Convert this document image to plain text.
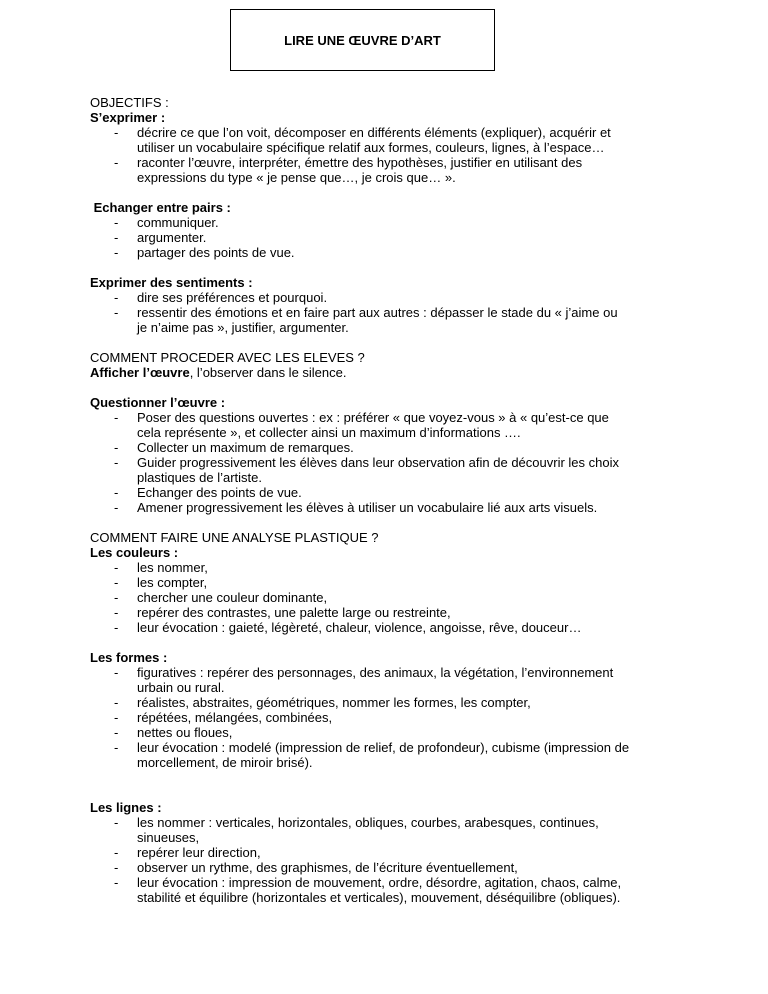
LIRE UNE ŒUVRE D’ART
OBJECTIFS :
S’exprimer :
- décrire ce que l’on voit, décomposer en différents éléments (expliquer), acquérir et
utiliser un vocabulaire spécifique relatif aux formes, couleurs, lignes, à l’espace…
- raconter l’œuvre, interpréter, émettre des hypothèses, justifier en utilisant des
expressions du type « je pense que…, je crois que… ».
Echanger entre pairs :
- communiquer.
- argumenter.
- partager des points de vue.
Exprimer des sentiments :
- dire ses préférences et pourquoi.
- ressentir des émotions et en faire part aux autres : dépasser le stade du « j’aime ou
je n’aime pas », justifier, argumenter.
COMMENT PROCEDER AVEC LES ELEVES ?
Afficher l’œuvre, l’observer dans le silence.
Questionner l’œuvre :
- Poser des questions ouvertes : ex : préférer « que voyez-vous » à « qu’est-ce que
cela représente », et collecter ainsi un maximum d’informations ….
- Collecter un maximum de remarques.
- Guider progressivement les élèves dans leur observation afin de découvrir les choix
plastiques de l’artiste.
- Echanger des points de vue.
- Amener progressivement les élèves à utiliser un vocabulaire lié aux arts visuels.
COMMENT FAIRE UNE ANALYSE PLASTIQUE ?
Les couleurs :
- les nommer,
- les compter,
- chercher une couleur dominante,
- repérer des contrastes, une palette large ou restreinte,
- leur évocation : gaieté, légèreté, chaleur, violence, angoisse, rêve, douceur…
Les formes :
- figuratives : repérer des personnages, des animaux, la végétation, l’environnement
urbain ou rural.
- réalistes, abstraites, géométriques, nommer les formes, les compter,
- répétées, mélangées, combinées,
- nettes ou floues,
- leur évocation : modelé (impression de relief, de profondeur), cubisme (impression de
morcellement, de miroir brisé).
Les lignes :
- les nommer : verticales, horizontales, obliques, courbes, arabesques, continues,
sinueuses,
- repérer leur direction,
- observer un rythme, des graphismes, de l’écriture éventuellement,
- leur évocation : impression de mouvement, ordre, désordre, agitation, chaos, calme,
stabilité et équilibre (horizontales et verticales), mouvement, déséquilibre (obliques).
